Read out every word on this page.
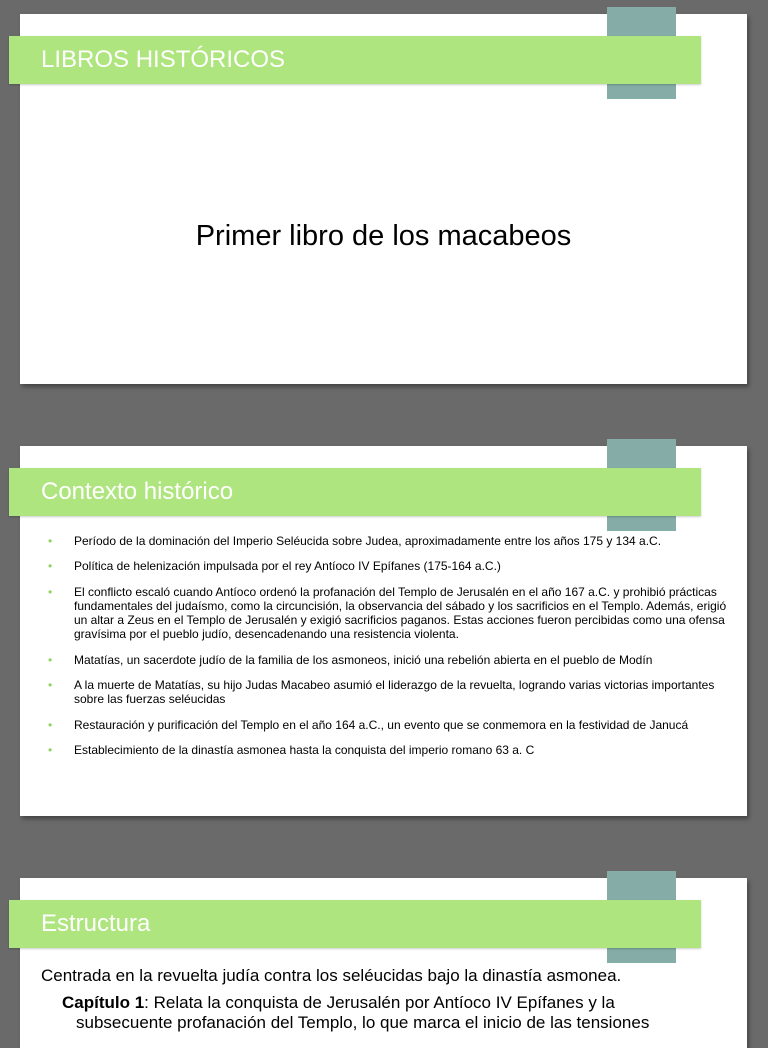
LIBROS HISTÓRICOS
Primer libro de los macabeos
Contexto histórico
• Período de la dominación del Imperio Seléucida sobre Judea, aproximadamente entre los años 175 y 134 a.C.
• Política de helenización impulsada por el rey Antíoco IV Epífanes (175-164 a.C.)
• El conflicto escaló cuando Antíoco ordenó la profanación del Templo de Jerusalén en el año 167 a.C. y prohibió prácticas fundamentales del judaísmo, como la circuncisión, la observancia del sábado y los sacrificios en el Templo. Además, erigió un altar a Zeus en el Templo de Jerusalén y exigió sacrificios paganos. Estas acciones fueron percibidas como una ofensa gravísima por el pueblo judío, desencadenando una resistencia violenta.
• Matatías, un sacerdote judío de la familia de los asmoneos, inició una rebelión abierta en el pueblo de Modín
• A la muerte de Matatías, su hijo Judas Macabeo asumió el liderazgo de la revuelta, logrando varias victorias importantes sobre las fuerzas seléucidas
• Restauración y purificación del Templo en el año 164 a.C., un evento que se conmemora en la festividad de Janucá
• Establecimiento de la dinastía asmonea hasta la conquista del imperio romano 63 a. C
Estructura
Centrada en la revuelta judía contra los seléucidas bajo la dinastía asmonea.
Capítulo 1: Relata la conquista de Jerusalén por Antíoco IV Epífanes y la
subsecuente profanación del Templo, lo que marca el inicio de las tensiones
